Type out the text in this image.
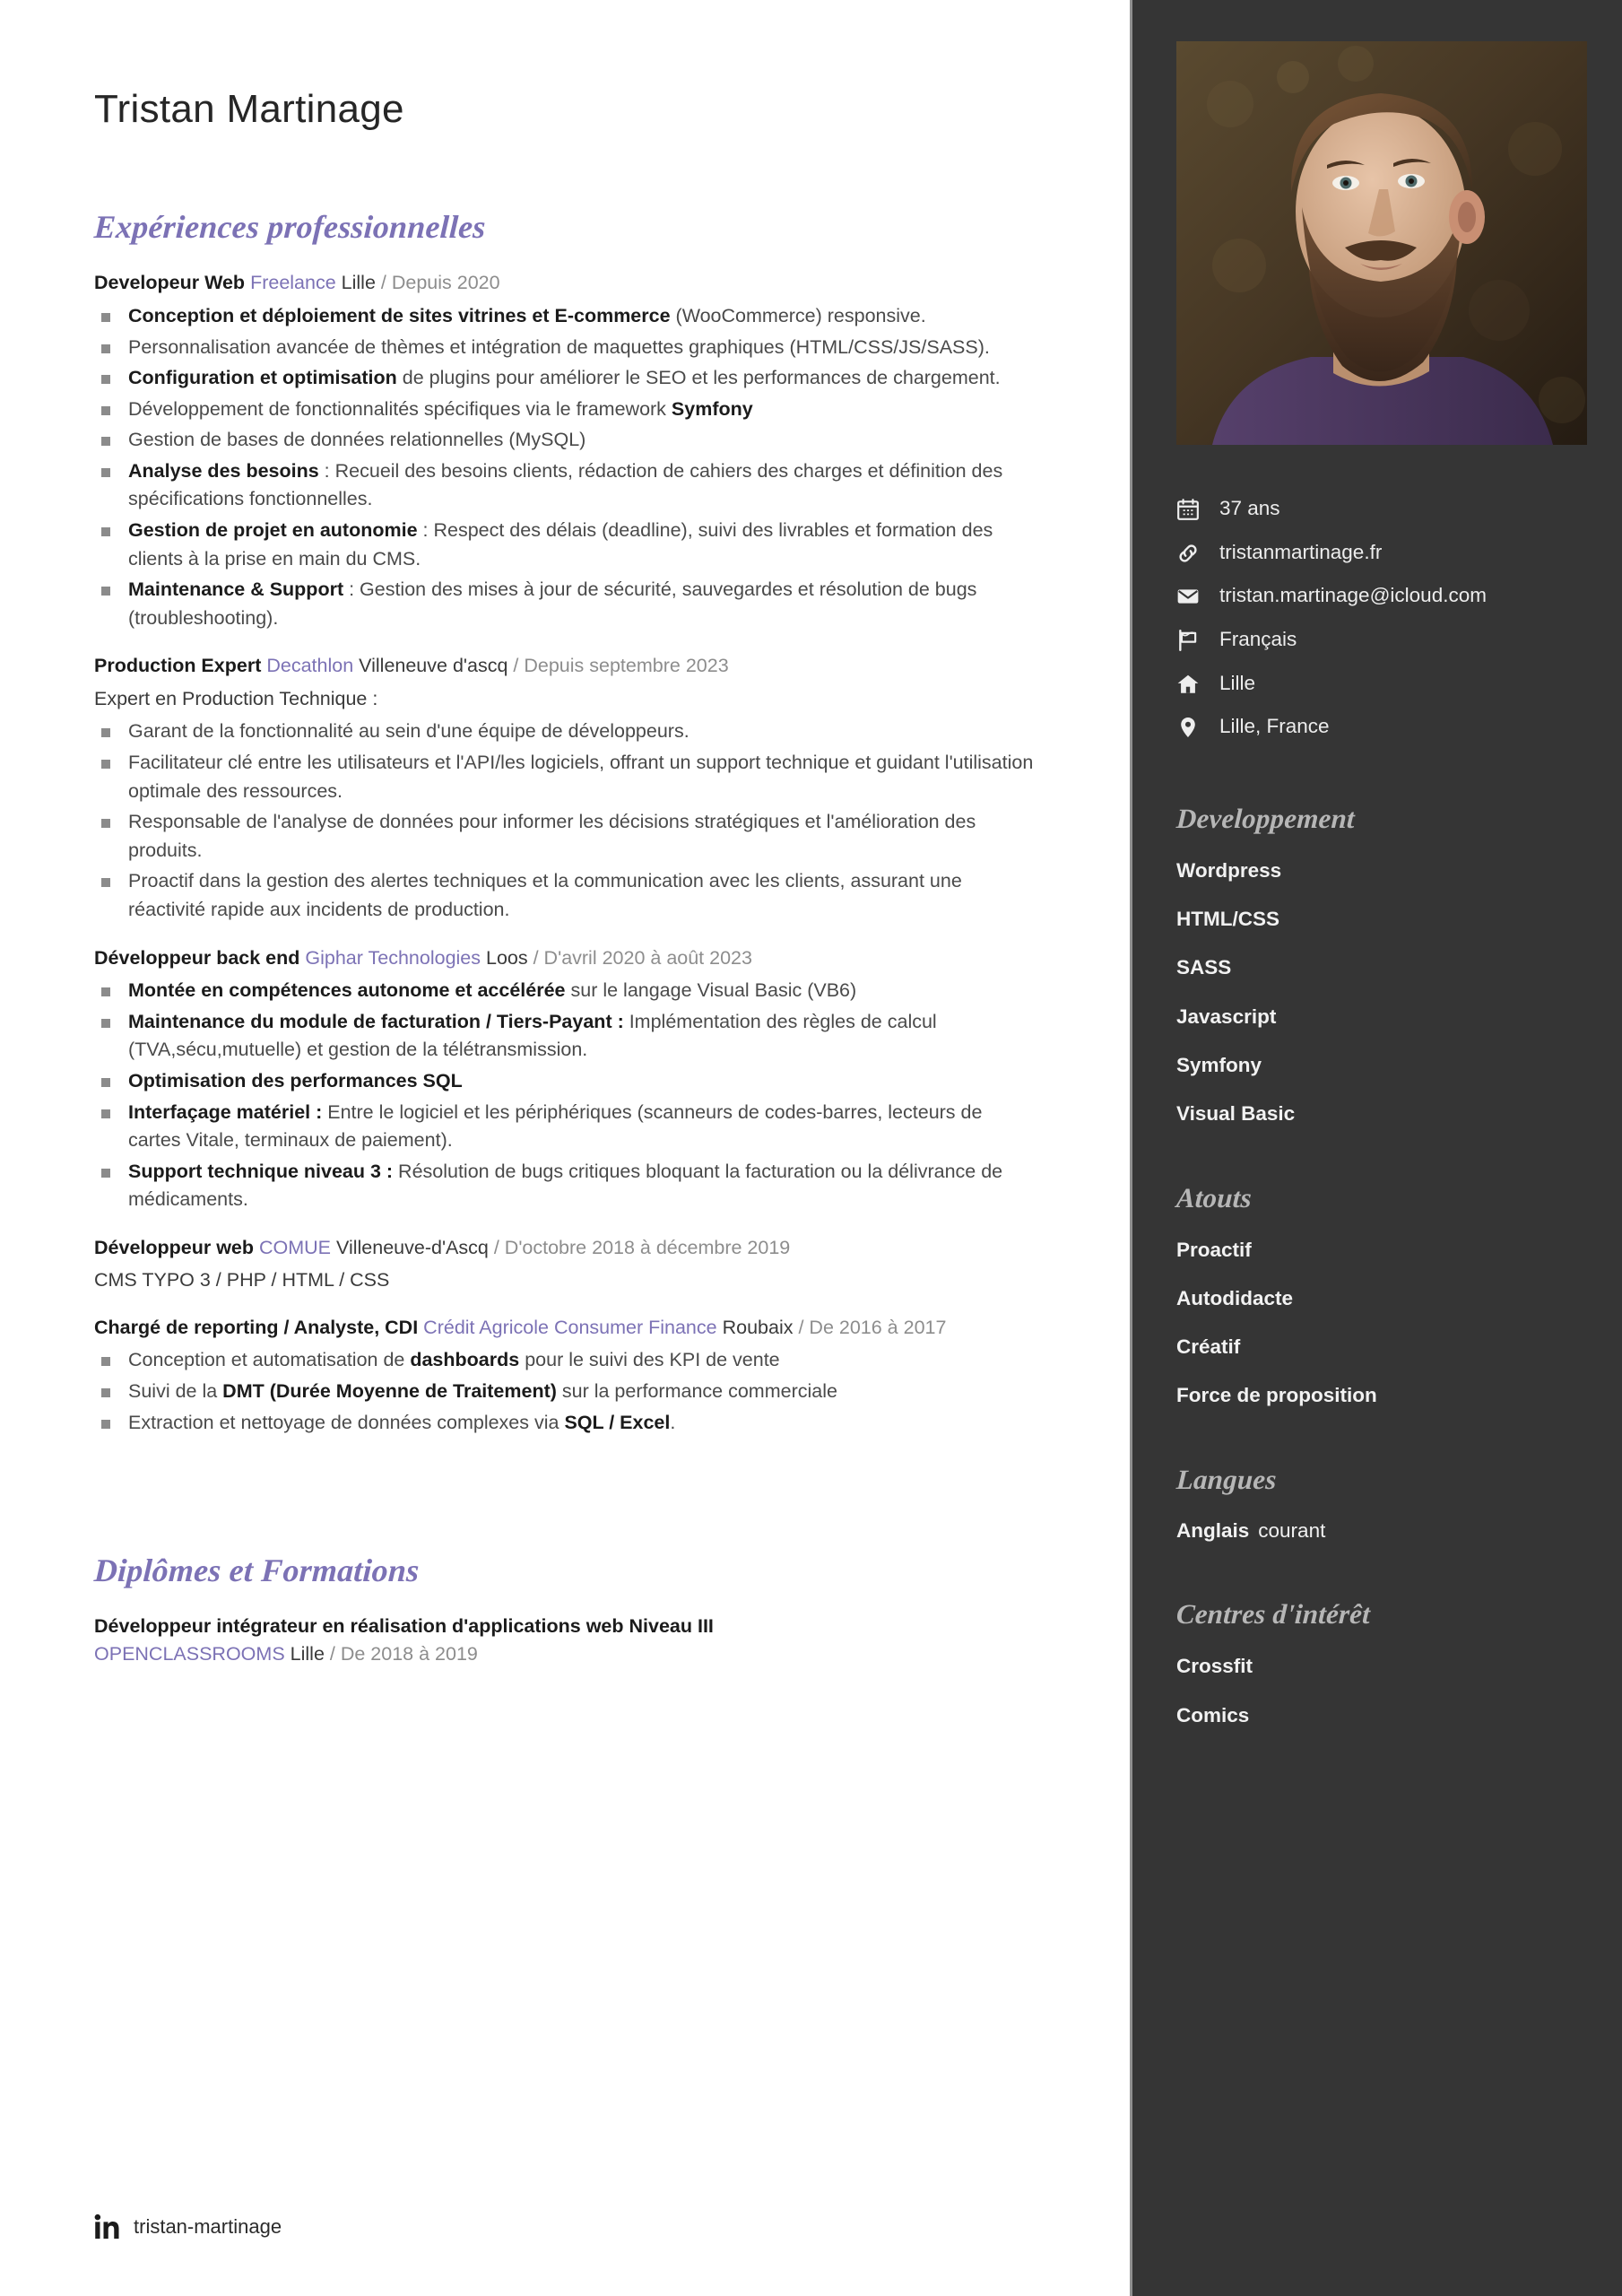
Tristan Martinage
Expériences professionnelles
Developeur Web Freelance Lille / Depuis 2020
Conception et déploiement de sites vitrines et E-commerce (WooCommerce) responsive.
Personnalisation avancée de thèmes et intégration de maquettes graphiques (HTML/CSS/JS/SASS).
Configuration et optimisation de plugins pour améliorer le SEO et les performances de chargement.
Développement de fonctionnalités spécifiques via le framework Symfony
Gestion de bases de données relationnelles (MySQL)
Analyse des besoins : Recueil des besoins clients, rédaction de cahiers des charges et définition des spécifications fonctionnelles.
Gestion de projet en autonomie : Respect des délais (deadline), suivi des livrables et formation des clients à la prise en main du CMS.
Maintenance & Support : Gestion des mises à jour de sécurité, sauvegardes et résolution de bugs (troubleshooting).
Production Expert Decathlon Villeneuve d'ascq / Depuis septembre 2023
Expert en Production Technique :
Garant de la fonctionnalité au sein d'une équipe de développeurs.
Facilitateur clé entre les utilisateurs et l'API/les logiciels, offrant un support technique et guidant l'utilisation optimale des ressources.
Responsable de l'analyse de données pour informer les décisions stratégiques et l'amélioration des produits.
Proactif dans la gestion des alertes techniques et la communication avec les clients, assurant une réactivité rapide aux incidents de production.
Développeur back end Giphar Technologies Loos / D'avril 2020 à août 2023
Montée en compétences autonome et accélérée sur le langage Visual Basic (VB6)
Maintenance du module de facturation / Tiers-Payant : Implémentation des règles de calcul (TVA,sécu,mutuelle) et gestion de la télétransmission.
Optimisation des performances SQL
Interfaçage matériel : Entre le logiciel et les périphériques (scanneurs de codes-barres, lecteurs de cartes Vitale, terminaux de paiement).
Support technique niveau 3 : Résolution de bugs critiques bloquant la facturation ou la délivrance de médicaments.
Développeur web COMUE Villeneuve-d'Ascq / D'octobre 2018 à décembre 2019
CMS TYPO 3 / PHP / HTML / CSS
Chargé de reporting / Analyste, CDI Crédit Agricole Consumer Finance Roubaix / De 2016 à 2017
Conception et automatisation de dashboards pour le suivi des KPI de vente
Suivi de la DMT (Durée Moyenne de Traitement) sur la performance commerciale
Extraction et nettoyage de données complexes via SQL / Excel.
Diplômes et Formations
Développeur intégrateur en réalisation d'applications web Niveau III
OPENCLASSROOMS Lille / De 2018 à 2019
tristan-martinage
37 ans
tristanmartinage.fr
tristan.martinage@icloud.com
Français
Lille
Lille, France
Developpement
Wordpress
HTML/CSS
SASS
Javascript
Symfony
Visual Basic
Atouts
Proactif
Autodidacte
Créatif
Force de proposition
Langues
Anglais courant
Centres d'intérêt
Crossfit
Comics
